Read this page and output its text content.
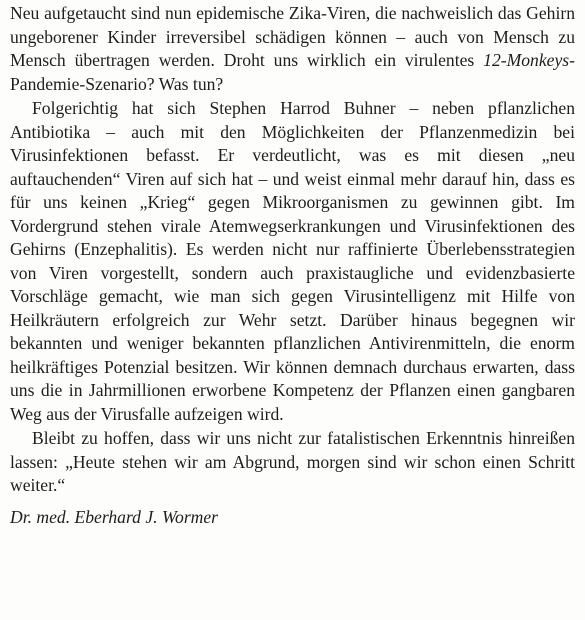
Neu aufgetaucht sind nun epidemische Zika-Viren, die nachweislich das Gehirn ungeborener Kinder irreversibel schädigen können – auch von Mensch zu Mensch übertragen werden. Droht uns wirklich ein virulentes 12-Monkeys-Pandemie-Szenario? Was tun?

Folgerichtig hat sich Stephen Harrod Buhner – neben pflanzlichen Antibiotika – auch mit den Möglichkeiten der Pflanzenmedizin bei Virusinfektionen befasst. Er verdeutlicht, was es mit diesen „neu auftauchenden“ Viren auf sich hat – und weist einmal mehr darauf hin, dass es für uns keinen „Krieg“ gegen Mikroorganismen zu gewinnen gibt. Im Vordergrund stehen virale Atemwegserkrankungen und Virusinfektionen des Gehirns (Enzephalitis). Es werden nicht nur raffinierte Überlebensstrategien von Viren vorgestellt, sondern auch praxistaugliche und evidenzbasierte Vorschläge gemacht, wie man sich gegen Virusintelligenz mit Hilfe von Heilkräutern erfolgreich zur Wehr setzt. Darüber hinaus begegnen wir bekannten und weniger bekannten pflanzlichen Antivirenmitteln, die enorm heilkräftiges Potenzial besitzen. Wir können demnach durchaus erwarten, dass uns die in Jahrmillionen erworbene Kompetenz der Pflanzen einen gangbaren Weg aus der Virusfalle aufzeigen wird.

Bleibt zu hoffen, dass wir uns nicht zur fatalistischen Erkenntnis hinreißen lassen: „Heute stehen wir am Abgrund, morgen sind wir schon einen Schritt weiter.“

Dr. med. Eberhard J. Wormer
